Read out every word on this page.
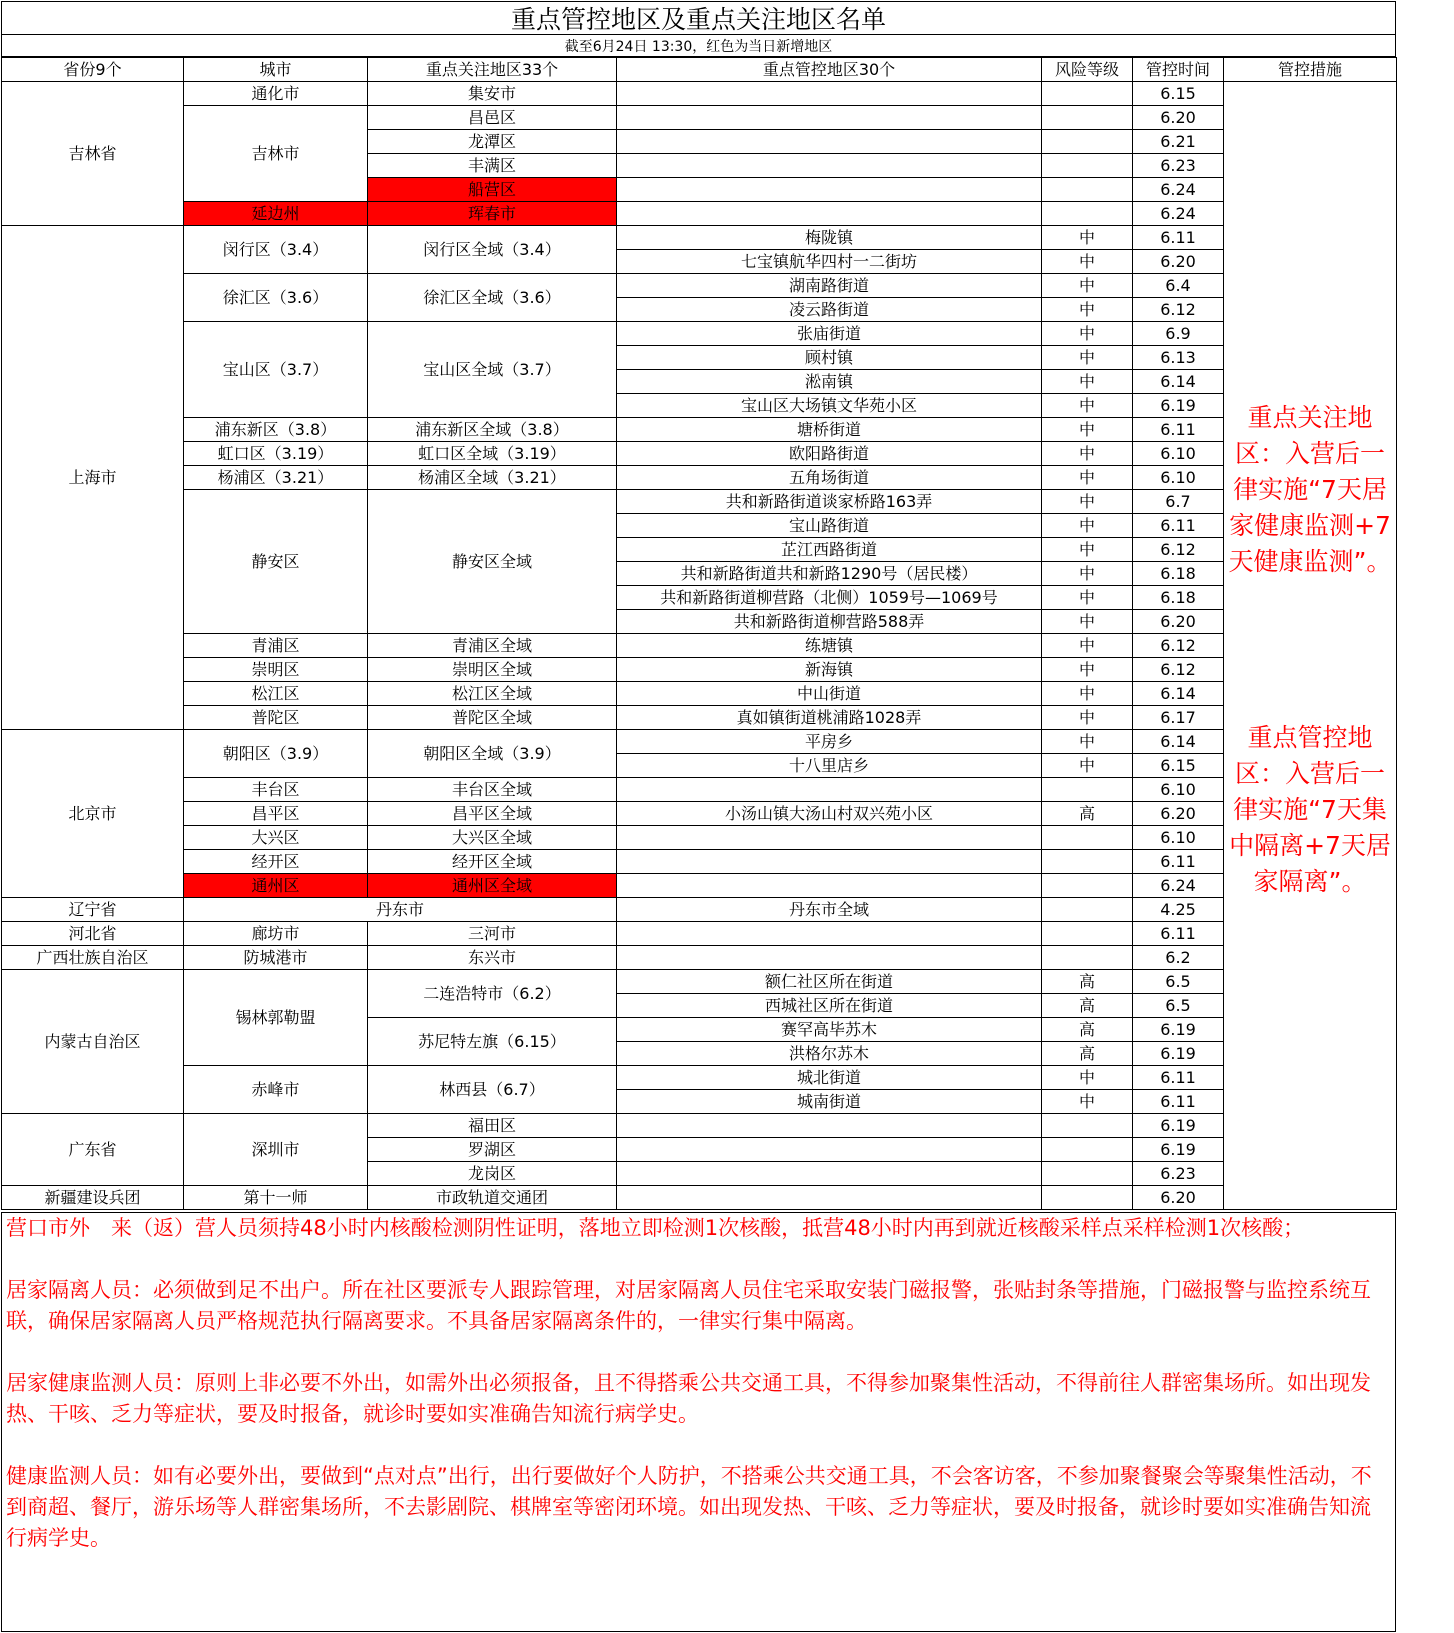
重点管控地区及重点关注地区名单
截至6月24日 13:30，红色为当日新增地区
省份9个	城市	重点关注地区33个	重点管控地区30个	风险等级	管控时间	管控措施
吉林省	通化市	集安市			6.15	重点关注地区：入营后一律实施“7天居家健康监测+7天健康监测”。
重点管控地区：入营后一律实施“7天集中隔离+7天居家隔离”。

	吉林市	昌邑区			6.20	
		龙潭区			6.21	
		丰满区			6.23	
		船营区			6.24	
	延边州	珲春市			6.24	
上海市	闵行区（3.4）	闵行区全域（3.4）	梅陇镇	中	6.11	
			七宝镇航华四村一二街坊	中	6.20	
	徐汇区（3.6）	徐汇区全域（3.6）	湖南路街道	中	6.4	
			凌云路街道	中	6.12	
	宝山区（3.7）	宝山区全域（3.7）	张庙街道	中	6.9	
			顾村镇	中	6.13	
			淞南镇	中	6.14	
			宝山区大场镇文华苑小区	中	6.19	
	浦东新区（3.8）	浦东新区全域（3.8）	塘桥街道	中	6.11	
	虹口区（3.19）	虹口区全域（3.19）	欧阳路街道	中	6.10	
	杨浦区（3.21）	杨浦区全域（3.21）	五角场街道	中	6.10	
	静安区	静安区全域	共和新路街道谈家桥路163弄	中	6.7	
			宝山路街道	中	6.11	
			芷江西路街道	中	6.12	
			共和新路街道共和新路1290号（居民楼）	中	6.18	
			共和新路街道柳营路（北侧）1059号—1069号	中	6.18	
			共和新路街道柳营路588弄	中	6.20	
	青浦区	青浦区全域	练塘镇	中	6.12	
	崇明区	崇明区全域	新海镇	中	6.12	
	松江区	松江区全域	中山街道	中	6.14	
	普陀区	普陀区全域	真如镇街道桃浦路1028弄	中	6.17	
北京市	朝阳区（3.9）	朝阳区全域（3.9）	平房乡	中	6.14	
			十八里店乡	中	6.15	
	丰台区	丰台区全域			6.10	
	昌平区	昌平区全域	小汤山镇大汤山村双兴苑小区	高	6.20	
	大兴区	大兴区全域			6.10	
	经开区	经开区全域			6.11	
	通州区	通州区全域			6.24	
辽宁省	丹东市		丹东市全域		4.25	
河北省	廊坊市	三河市			6.11	
广西壮族自治区	防城港市	东兴市			6.2	
内蒙古自治区	锡林郭勒盟	二连浩特市（6.2）	额仁社区所在街道	高	6.5	
			西城社区所在街道	高	6.5	
		苏尼特左旗（6.15）	赛罕高毕苏木	高	6.19	
			洪格尔苏木	高	6.19	
	赤峰市	林西县（6.7）	城北街道	中	6.11	
			城南街道	中	6.11	
广东省	深圳市	福田区			6.19	
		罗湖区			6.19	
		龙岗区			6.23	
新疆建设兵团	第十一师	市政轨道交通团			6.20	

营口市外　来（返）营人员须持48小时内核酸检测阴性证明，落地立即检测1次核酸，抵营48小时内再到就近核酸采样点采样检测1次核酸；

居家隔离人员：必须做到足不出户。所在社区要派专人跟踪管理，对居家隔离人员住宅采取安装门磁报警，张贴封条等措施，门磁报警与监控系统互联，确保居家隔离人员严格规范执行隔离要求。不具备居家隔离条件的，一律实行集中隔离。

居家健康监测人员：原则上非必要不外出，如需外出必须报备，且不得搭乘公共交通工具，不得参加聚集性活动，不得前往人群密集场所。如出现发热、干咳、乏力等症状，要及时报备，就诊时要如实准确告知流行病学史。

健康监测人员：如有必要外出，要做到“点对点”出行，出行要做好个人防护，不搭乘公共交通工具，不会客访客，不参加聚餐聚会等聚集性活动，不到商超、餐厅，游乐场等人群密集场所，不去影剧院、棋牌室等密闭环境。如出现发热、干咳、乏力等症状，要及时报备，就诊时要如实准确告知流行病学史。
